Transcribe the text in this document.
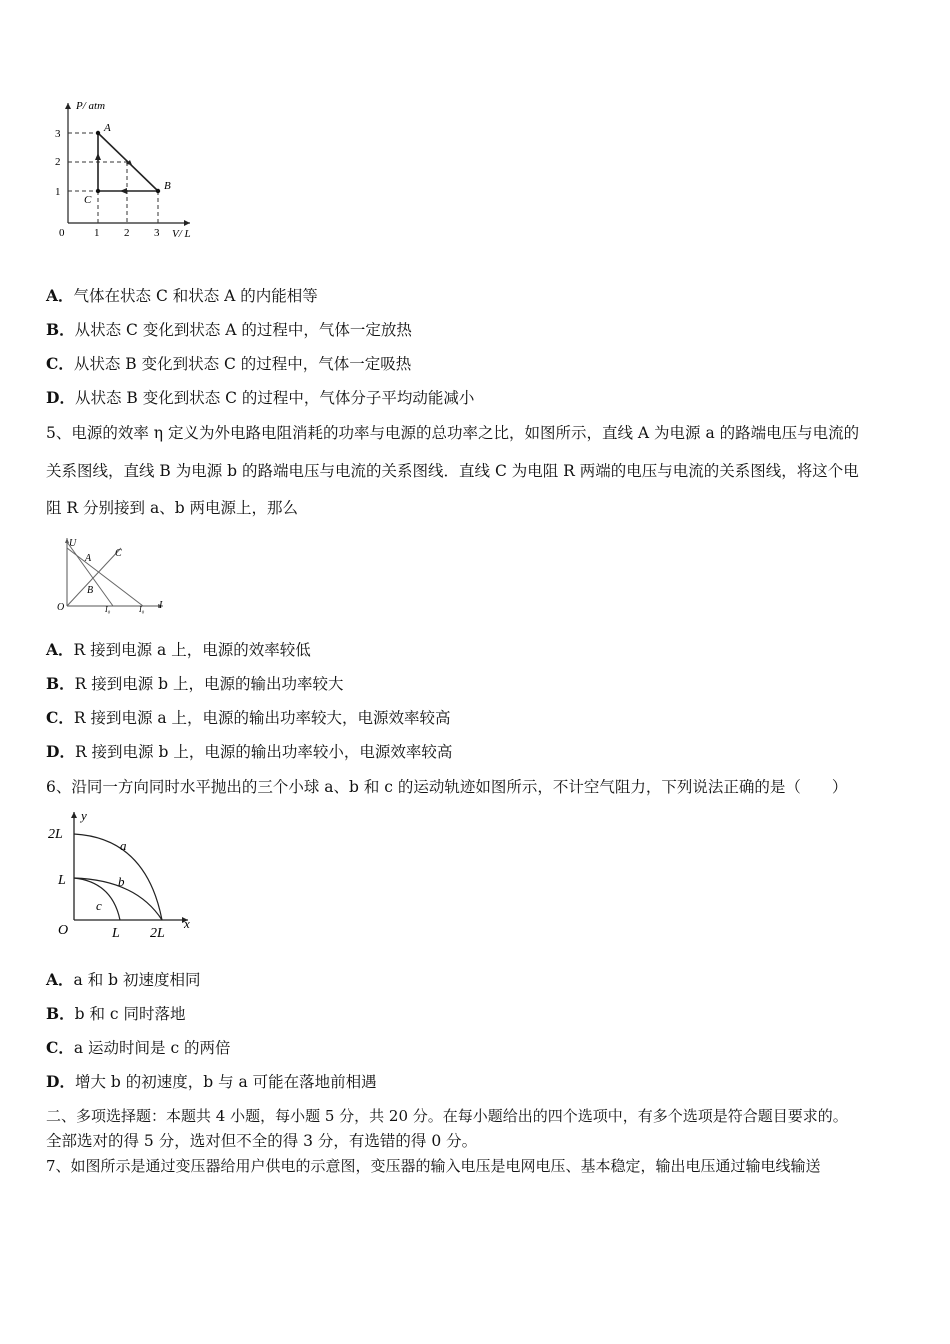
P/ atm
V/ L
0
1
2
3
1 2 3
A
B
C
A．气体在状态 C 和状态 A 的内能相等
B．从状态 C 变化到状态 A 的过程中，气体一定放热
C．从状态 B 变化到状态 C 的过程中，气体一定吸热
D．从状态 B 变化到状态 C 的过程中，气体分子平均动能减小
5、电源的效率 η 定义为外电路电阻消耗的功率与电源的总功率之比，如图所示，直线 A 为电源 a 的路端电压与电流的
关系图线，直线 B 为电源 b 的路端电压与电流的关系图线．直线 C 为电阻 R 两端的电压与电流的关系图线，将这个电
阻 R 分别接到 a、b 两电源上，那么
U
I
O
A C
B
I₀	I₀
A．R 接到电源 a 上，电源的效率较低
B．R 接到电源 b 上，电源的输出功率较大
C．R 接到电源 a 上，电源的输出功率较大，电源效率较高
D．R 接到电源 b 上，电源的输出功率较小，电源效率较高
6、沿同一方向同时水平抛出的三个小球 a、b 和 c 的运动轨迹如图所示，不计空气阻力，下列说法正确的是（　　）
y
x
O
2L
L
L 2L
a
b
c
A．a 和 b 初速度相同
B．b 和 c 同时落地
C．a 运动时间是 c 的两倍
D．增大 b 的初速度，b 与 a 可能在落地前相遇
二、多项选择题：本题共 4 小题，每小题 5 分，共 20 分。在每小题给出的四个选项中，有多个选项是符合题目要求的。
全部选对的得 5 分，选对但不全的得 3 分，有选错的得 0 分。
7、如图所示是通过变压器给用户供电的示意图，变压器的输入电压是电网电压、基本稳定，输出电压通过输电线输送
